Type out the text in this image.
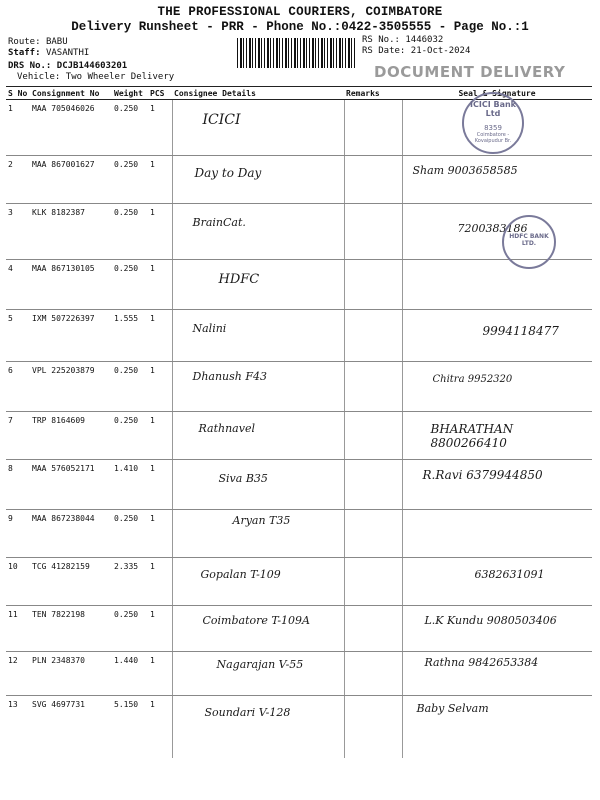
THE PROFESSIONAL COURIERS, COIMBATORE
Delivery Runsheet - PRR - Phone No.:0422-3505555 - Page No.:1
Route: BABU
Staff: VASANTHI
DRS No.: DCJB144603201
Vehicle: Two Wheeler Delivery
RS No.: 1446032
RS Date: 21-Oct-2024
DOCUMENT DELIVERY
S No	Consignment No	Weight	PCS	Consignee Details	Remarks	Seal & Signature
1	MAA 705046026	0.250	1	ICICI		
2	MAA 867001627	0.250	1	Day to Day		Sham 9003658585
3	KLK 8182387	0.250	1	BrainCat.		7200383186
4	MAA 867130105	0.250	1	HDFC		
5	IXM 507226397	1.555	1	Nalini		9994118477
6	VPL 225203879	0.250	1	Dhanush F43		Chitra 9952320
7	TRP 8164609	0.250	1	Rathnavel		BHARATHAN 8800266410
8	MAA 576052171	1.410	1	Siva B35		R.Ravi 6379944850
9	MAA 867238044	0.250	1	Aryan T35		
10	TCG 41282159	2.335	1	Gopalan T-109		6382631091
11	TEN 7822198	0.250	1	Coimbatore T-109A		L.K Kundu 9080503406
12	PLN 2348370	1.440	1	Nagarajan V-55		Rathna 9842653384
13	SVG 4697731	5.150	1	Soundari V-128		Baby Selvam
ICICI Bank Ltd
8359
Coimbatore - Kovaipudur Br.
HDFC BANK LTD.
